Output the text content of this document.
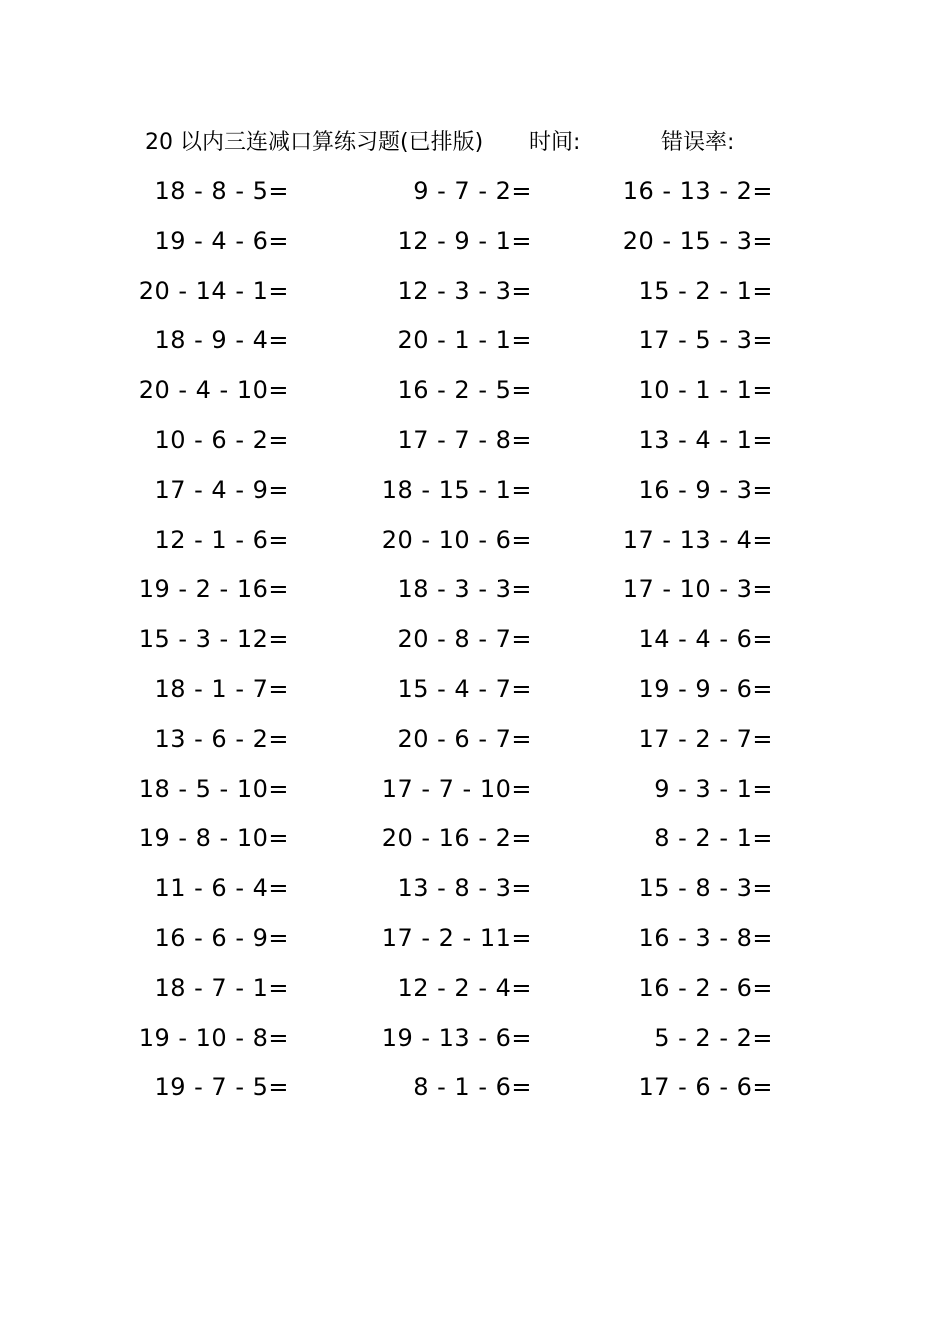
20 以内三连减口算练习题(已排版) 时间:	错误率:
18 - 8 - 5=	9 - 7 - 2=	16 - 13 - 2=
19 - 4 - 6=	12 - 9 - 1=	20 - 15 - 3=
20 - 14 - 1=	12 - 3 - 3=	15 - 2 - 1=
18 - 9 - 4=	20 - 1 - 1=	17 - 5 - 3=
20 - 4 - 10=	16 - 2 - 5=	10 - 1 - 1=
10 - 6 - 2=	17 - 7 - 8=	13 - 4 - 1=
17 - 4 - 9=	18 - 15 - 1=	16 - 9 - 3=
12 - 1 - 6=	20 - 10 - 6=	17 - 13 - 4=
19 - 2 - 16=	18 - 3 - 3=	17 - 10 - 3=
15 - 3 - 12=	20 - 8 - 7=	14 - 4 - 6=
18 - 1 - 7=	15 - 4 - 7=	19 - 9 - 6=
13 - 6 - 2=	20 - 6 - 7=	17 - 2 - 7=
18 - 5 - 10=	17 - 7 - 10=	9 - 3 - 1=
19 - 8 - 10=	20 - 16 - 2=	8 - 2 - 1=
11 - 6 - 4=	13 - 8 - 3=	15 - 8 - 3=
16 - 6 - 9=	17 - 2 - 11=	16 - 3 - 8=
18 - 7 - 1=	12 - 2 - 4=	16 - 2 - 6=
19 - 10 - 8=	19 - 13 - 6=	5 - 2 - 2=
19 - 7 - 5=	8 - 1 - 6=	17 - 6 - 6=
